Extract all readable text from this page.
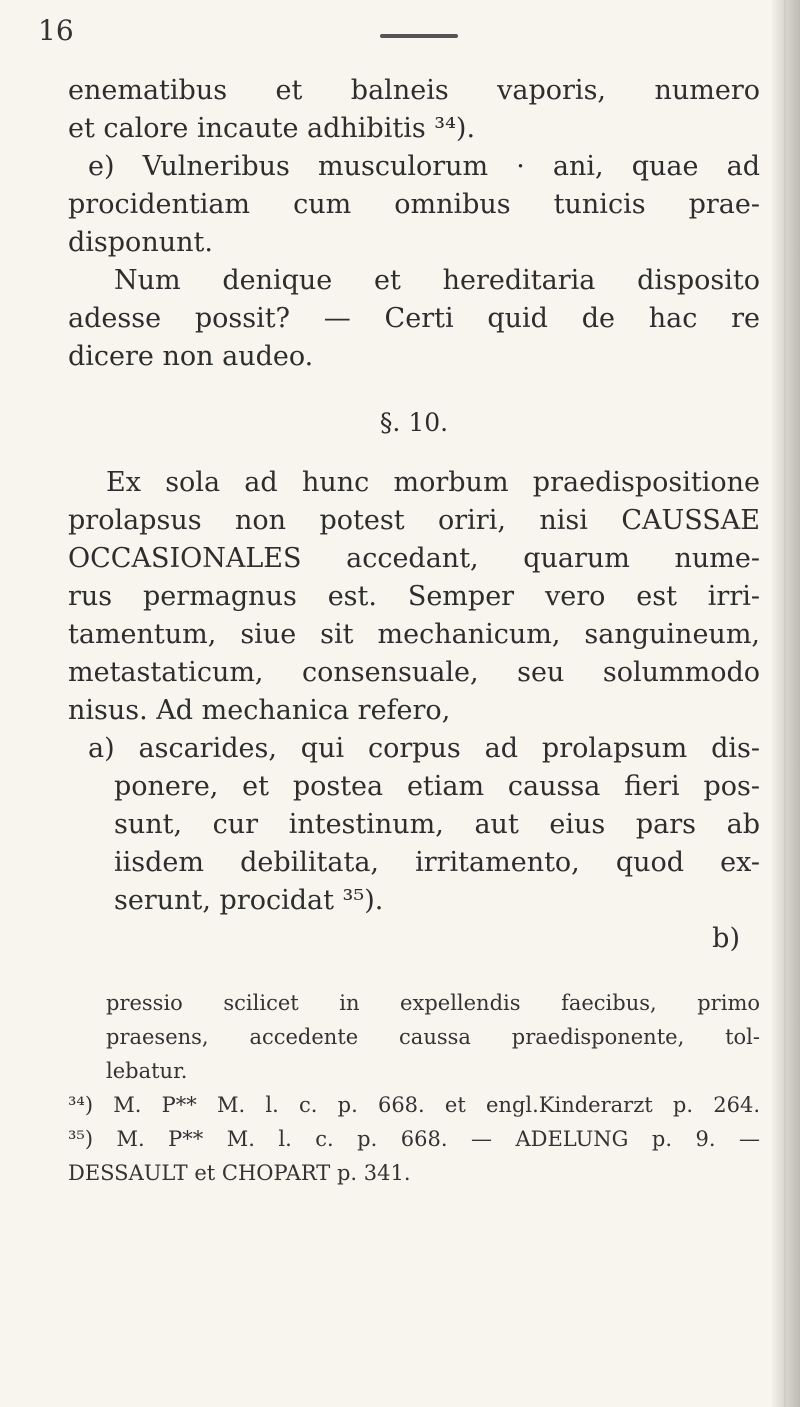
16
enematibus et balneis vaporis, numero
et calore incaute adhibitis ³⁴).
e) Vulneribus musculorum · ani, quae ad
procidentiam cum omnibus tunicis prae-
disponunt.
Num denique et hereditaria disposito
adesse possit? — Certi quid de hac re
dicere non audeo.
§. 10.
Ex sola ad hunc morbum praedispositione
prolapsus non potest oriri, nisi CAUSSAE
OCCASIONALES accedant, quarum nume-
rus permagnus est. Semper vero est irri-
tamentum, siue sit mechanicum, sanguineum,
metastaticum, consensuale, seu solummodo
nisus. Ad mechanica refero,
a) ascarides, qui corpus ad prolapsum dis-
ponere, et postea etiam caussa fieri pos-
sunt, cur intestinum, aut eius pars ab
iisdem debilitata, irritamento, quod ex-
serunt, procidat ³⁵).
b)
pressio scilicet in expellendis faecibus, primo
praesens, accedente caussa praedisponente, tol-
lebatur.
³⁴) M. P** M. l. c. p. 668. et engl.Kinderarzt p. 264.
³⁵) M. P** M. l. c. p. 668. — ADELUNG p. 9. —
DESSAULT et CHOPART p. 341.
